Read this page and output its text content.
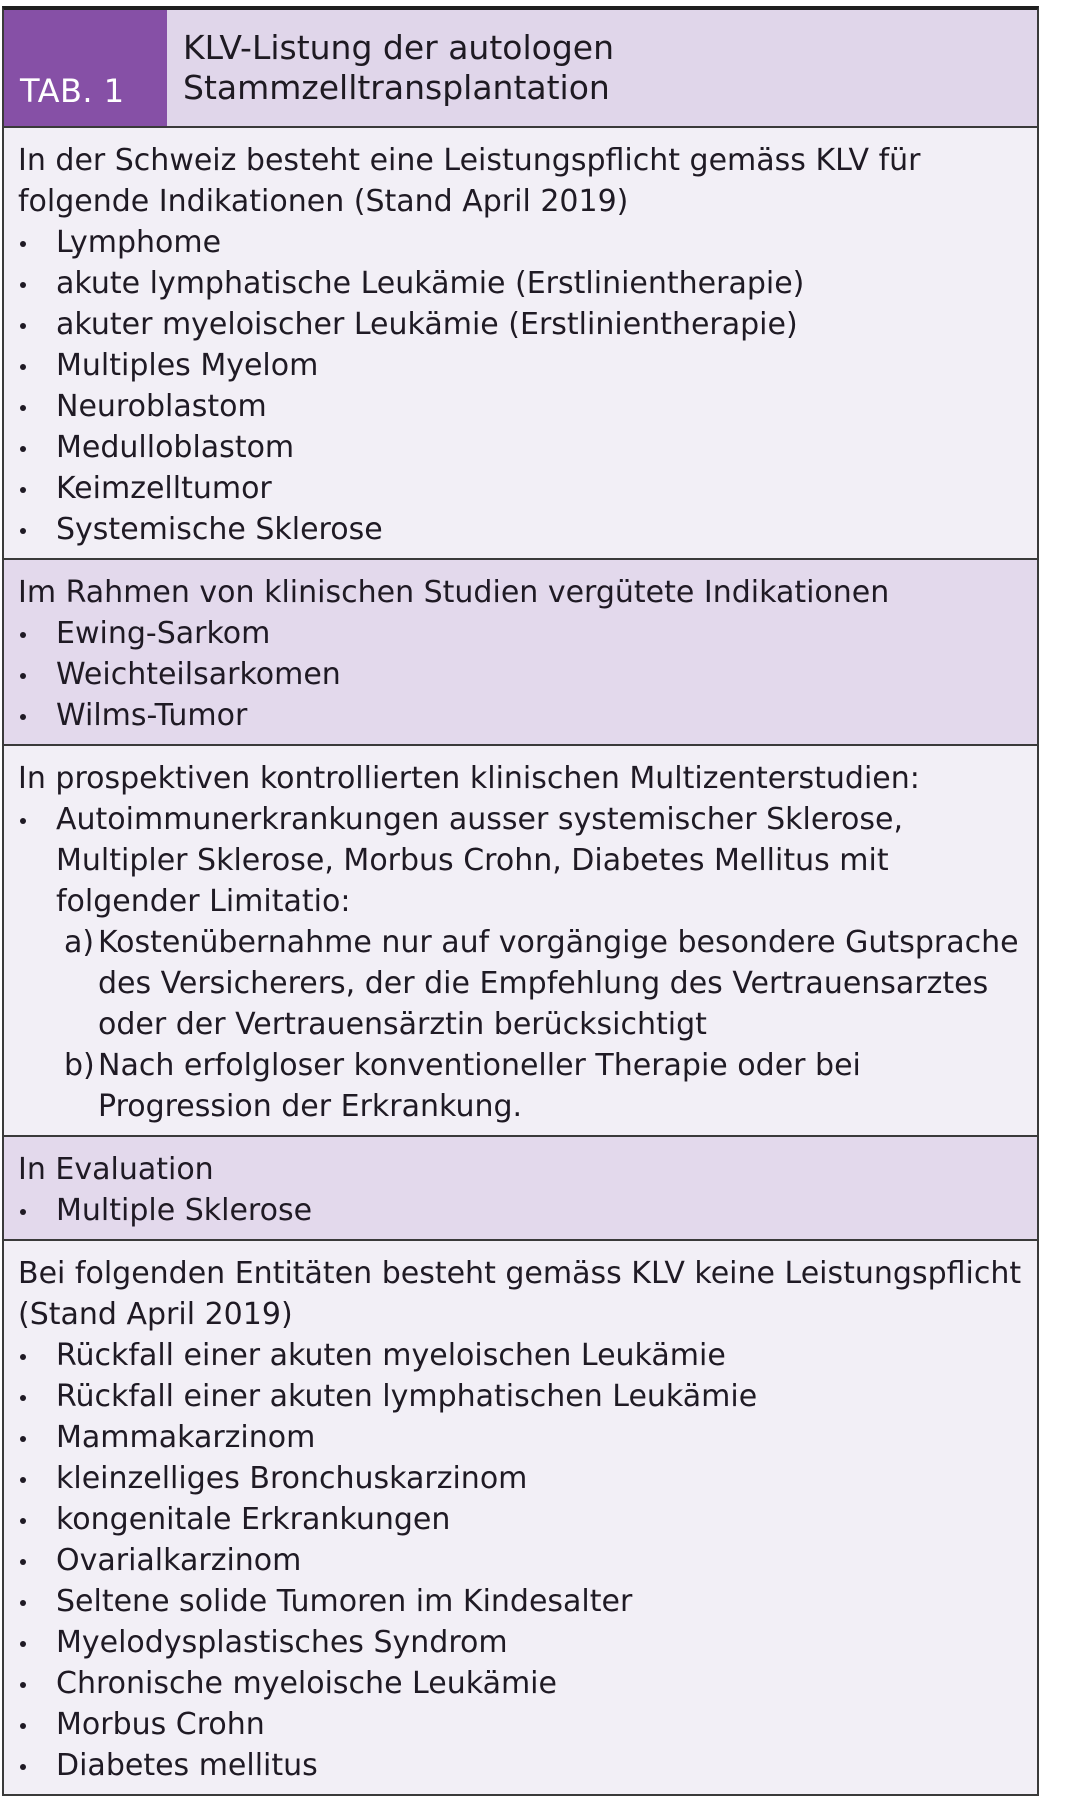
TAB. 1
KLV-Listung der autologen
Stammzelltransplantation
In der Schweiz besteht eine Leistungspflicht gemäss KLV für folgende Indikationen (Stand April 2019)
Lymphome
akute lymphatische Leukämie (Erstlinientherapie)
akuter myeloischer Leukämie (Erstlinientherapie)
Multiples Myelom
Neuroblastom
Medulloblastom
Keimzelltumor
Systemische Sklerose
Im Rahmen von klinischen Studien vergütete Indikationen
Ewing-Sarkom
Weichteilsarkomen
Wilms-Tumor
In prospektiven kontrollierten klinischen Multizenterstudien:
Autoimmunerkrankungen ausser systemischer Sklerose, Multipler Sklerose, Morbus Crohn, Diabetes Mellitus mit folgender Limitatio:
a) Kostenübernahme nur auf vorgängige besondere Gutsprache des Versicherers, der die Empfehlung des Vertrauensarztes oder der Vertrauensärztin berücksichtigt
b) Nach erfolgloser konventioneller Therapie oder bei Progression der Erkrankung.
In Evaluation
Multiple Sklerose
Bei folgenden Entitäten besteht gemäss KLV keine Leistungspflicht (Stand April 2019)
Rückfall einer akuten myeloischen Leukämie
Rückfall einer akuten lymphatischen Leukämie
Mammakarzinom
kleinzelliges Bronchuskarzinom
kongenitale Erkrankungen
Ovarialkarzinom
Seltene solide Tumoren im Kindesalter
Myelodysplastisches Syndrom
Chronische myeloische Leukämie
Morbus Crohn
Diabetes mellitus
